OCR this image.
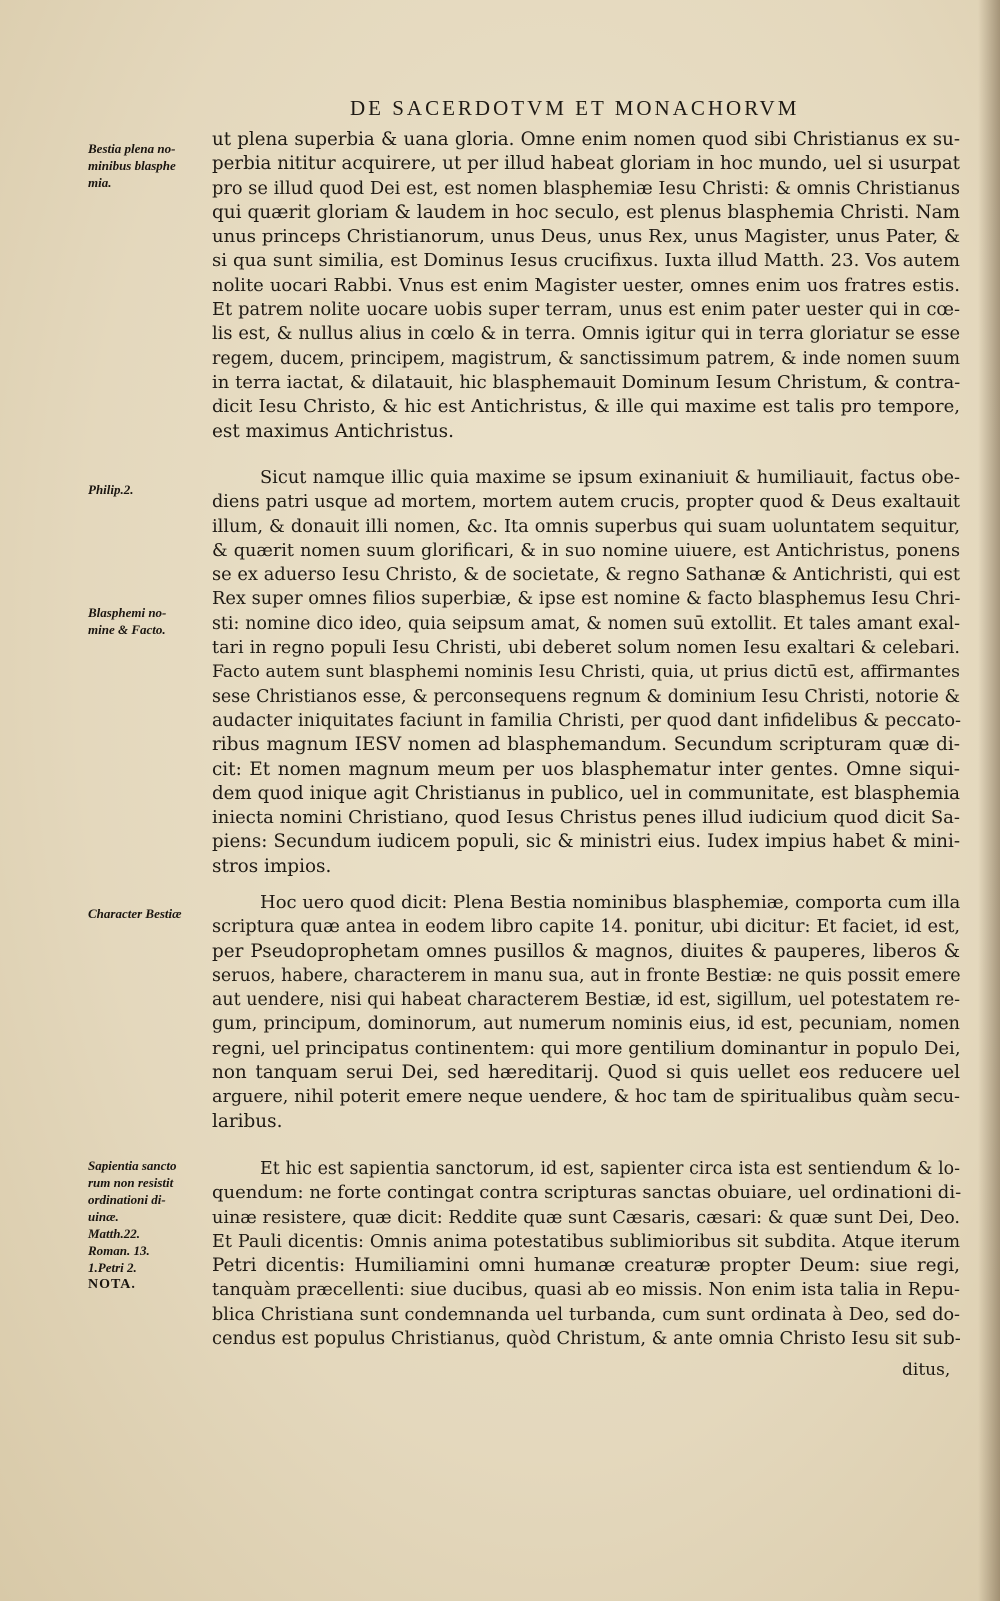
DE SACERDOTVM ET MONACHORVM
Bestia plena no-
minibus blasphe
mia.
Philip.2.
Blasphemi no-
mine & Facto.
Character Bestiæ
Sapientia sancto
rum non resistit
ordinationi di-
uinæ.
Matth.22.
Roman. 13.
1.Petri 2.
NOTA.

ut plena superbia & uana gloria. Omne enim nomen quod sibi Christianus ex su-
perbia nititur acquirere, ut per illud habeat gloriam in hoc mundo, uel si usurpat
pro se illud quod Dei est, est nomen blasphemiæ Iesu Christi: & omnis Christianus
qui quærit gloriam & laudem in hoc seculo, est plenus blasphemia Christi. Nam
unus princeps Christianorum, unus Deus, unus Rex, unus Magister, unus Pater, &
si qua sunt similia, est Dominus Iesus crucifixus. Iuxta illud Matth. 23. Vos autem
nolite uocari Rabbi. Vnus est enim Magister uester, omnes enim uos fratres estis.
Et patrem nolite uocare uobis super terram, unus est enim pater uester qui in cœ-
lis est, & nullus alius in cœlo & in terra. Omnis igitur qui in terra gloriatur se esse
regem, ducem, principem, magistrum, & sanctissimum patrem, & inde nomen suum
in terra iactat, & dilatauit, hic blasphemauit Dominum Iesum Christum, & contra-
dicit Iesu Christo, & hic est Antichristus, & ille qui maxime est talis pro tempore,
est maximus Antichristus.

Sicut namque illic quia maxime se ipsum exinaniuit & humiliauit, factus obe-
diens patri usque ad mortem, mortem autem crucis, propter quod & Deus exaltauit
illum, & donauit illi nomen, &c. Ita omnis superbus qui suam uoluntatem sequitur,
& quærit nomen suum glorificari, & in suo nomine uiuere, est Antichristus, ponens
se ex aduerso Iesu Christo, & de societate, & regno Sathanæ & Antichristi, qui est
Rex super omnes filios superbiæ, & ipse est nomine & facto blasphemus Iesu Chri-
sti: nomine dico ideo, quia seipsum amat, & nomen suū extollit. Et tales amant exal-
tari in regno populi Iesu Christi, ubi deberet solum nomen Iesu exaltari & celebari.
Facto autem sunt blasphemi nominis Iesu Christi, quia, ut prius dictū est, affirmantes
sese Christianos esse, & perconsequens regnum & dominium Iesu Christi, notorie &
audacter iniquitates faciunt in familia Christi, per quod dant infidelibus & peccato-
ribus magnum IESV nomen ad blasphemandum. Secundum scripturam quæ di-
cit: Et nomen magnum meum per uos blasphematur inter gentes. Omne siqui-
dem quod inique agit Christianus in publico, uel in communitate, est blasphemia
iniecta nomini Christiano, quod Iesus Christus penes illud iudicium quod dicit Sa-
piens: Secundum iudicem populi, sic & ministri eius. Iudex impius habet & mini-
stros impios.

Hoc uero quod dicit: Plena Bestia nominibus blasphemiæ, comporta cum illa
scriptura quæ antea in eodem libro capite 14. ponitur, ubi dicitur: Et faciet, id est,
per Pseudoprophetam omnes pusillos & magnos, diuites & pauperes, liberos &
seruos, habere, characterem in manu sua, aut in fronte Bestiæ: ne quis possit emere
aut uendere, nisi qui habeat characterem Bestiæ, id est, sigillum, uel potestatem re-
gum, principum, dominorum, aut numerum nominis eius, id est, pecuniam, nomen
regni, uel principatus continentem: qui more gentilium dominantur in populo Dei,
non tanquam serui Dei, sed hæreditarij. Quod si quis uellet eos reducere uel
arguere, nihil poterit emere neque uendere, & hoc tam de spiritualibus quàm secu-
laribus.

Et hic est sapientia sanctorum, id est, sapienter circa ista est sentiendum & lo-
quendum: ne forte contingat contra scripturas sanctas obuiare, uel ordinationi di-
uinæ resistere, quæ dicit: Reddite quæ sunt Cæsaris, cæsari: & quæ sunt Dei, Deo.
Et Pauli dicentis: Omnis anima potestatibus sublimioribus sit subdita. Atque iterum
Petri dicentis: Humiliamini omni humanæ creaturæ propter Deum: siue regi,
tanquàm præcellenti: siue ducibus, quasi ab eo missis. Non enim ista talia in Repu-
blica Christiana sunt condemnanda uel turbanda, cum sunt ordinata à Deo, sed do-
cendus est populus Christianus, quòd Christum, & ante omnia Christo Iesu sit sub-

ditus,
